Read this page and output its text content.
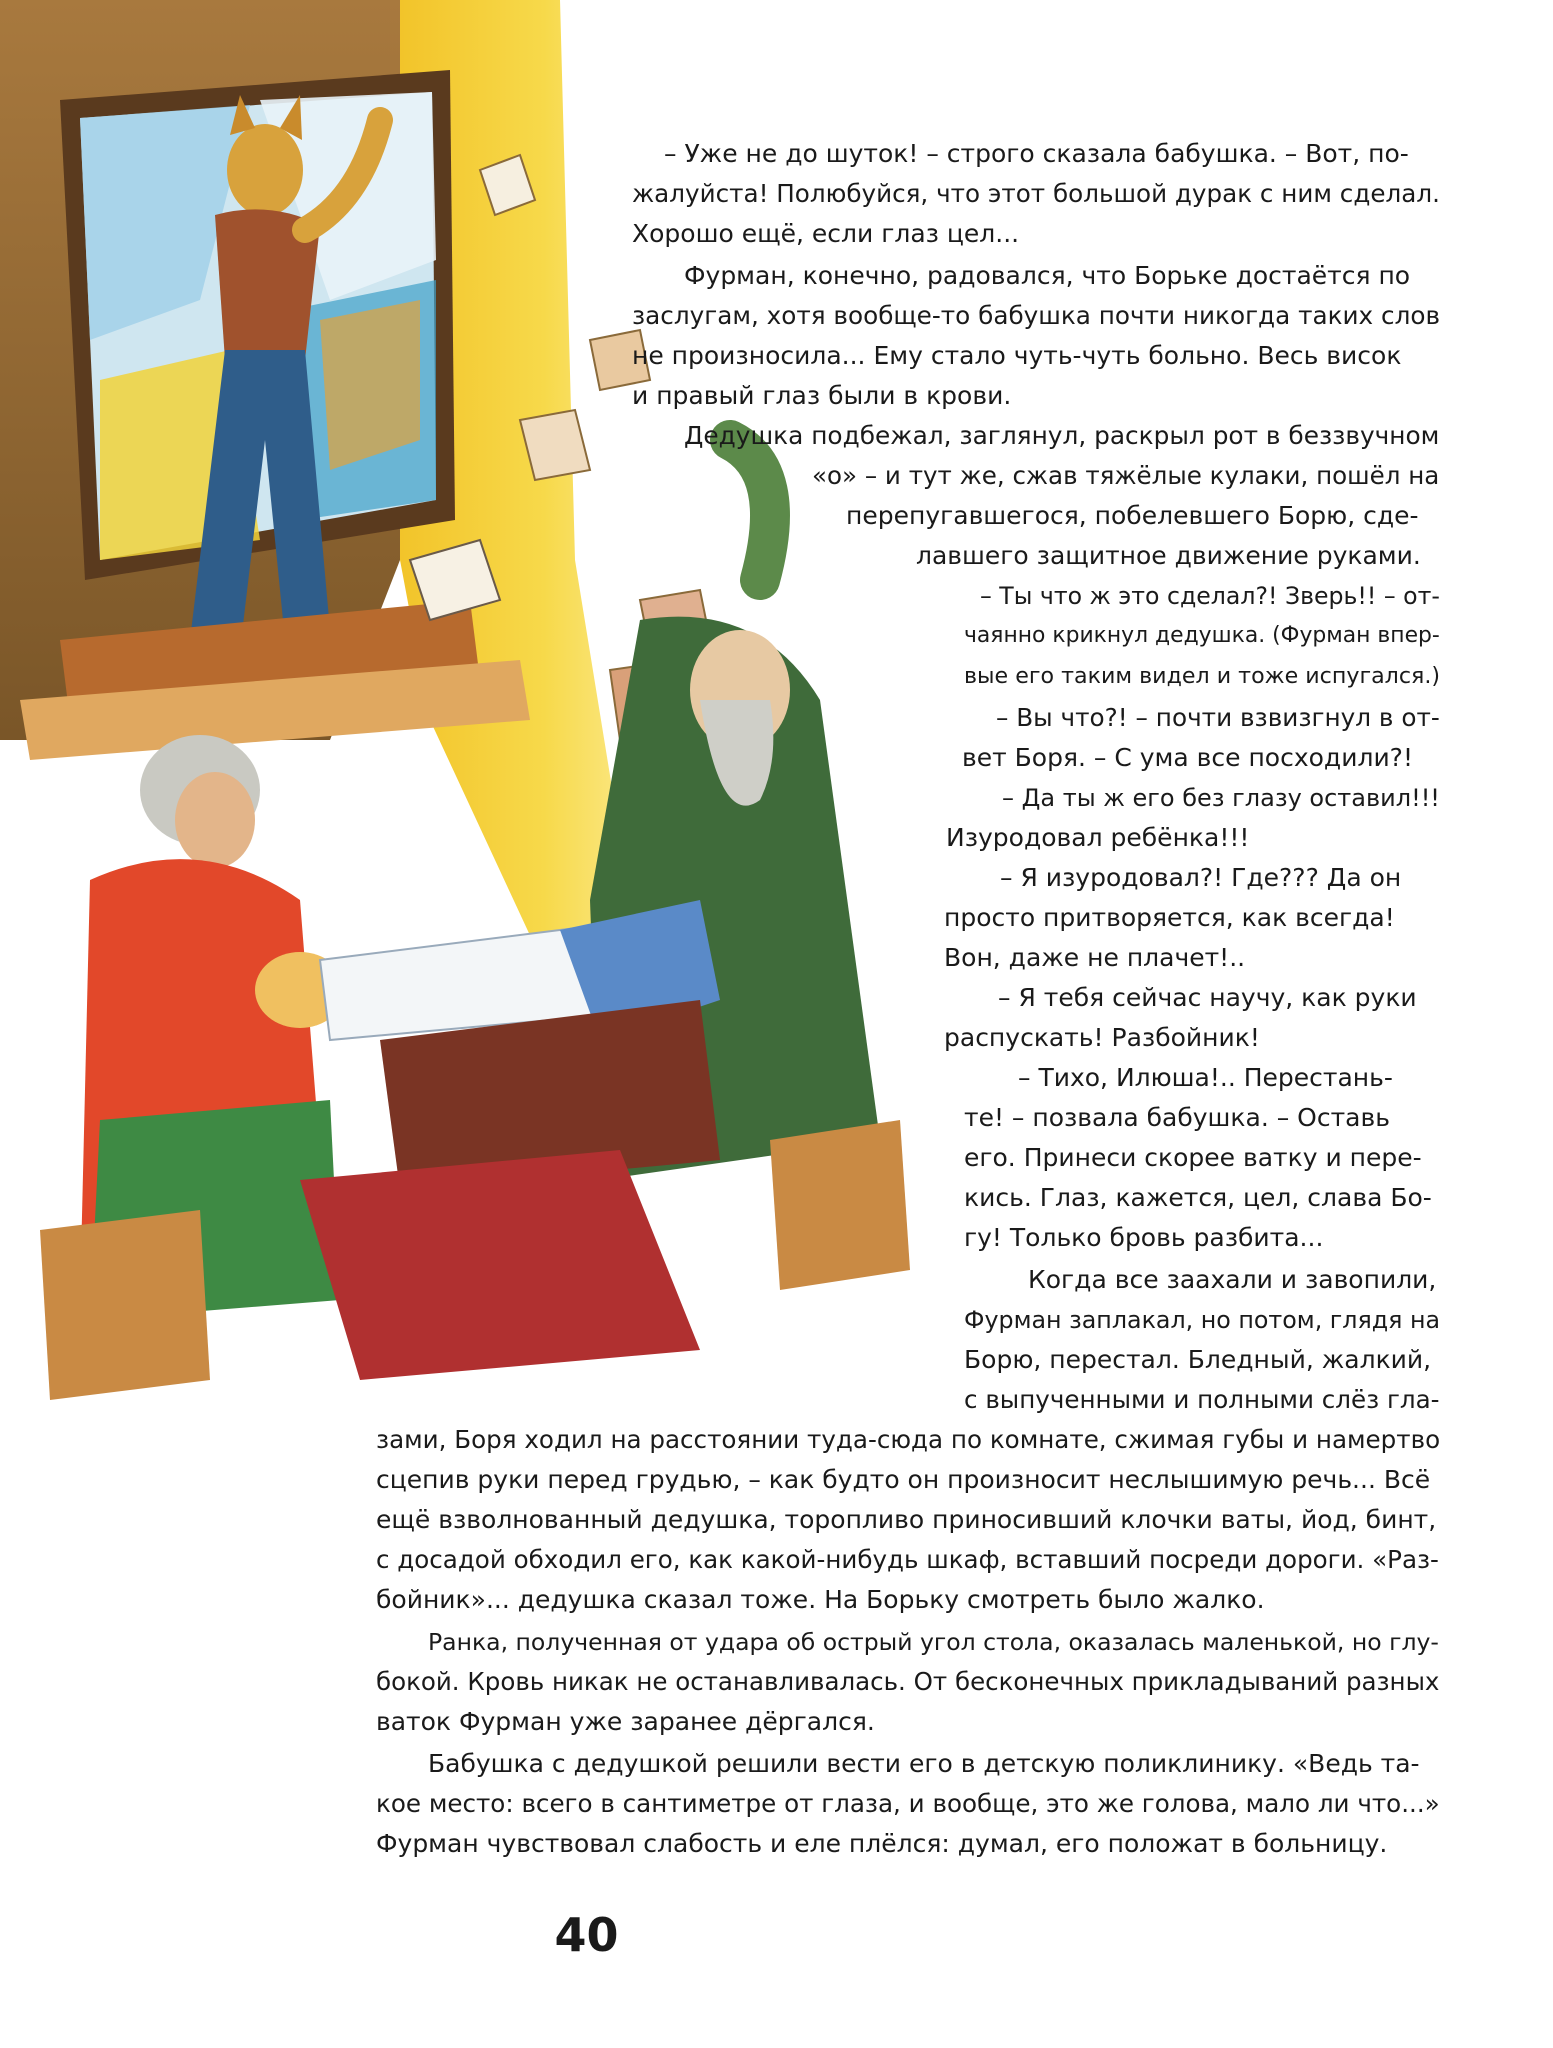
– Уже не до шуток! – строго сказала бабушка. – Вот, по-

жалуйста! Полюбуйся, что этот большой дурак с ним сделал.

Хорошо ещё, если глаз цел...

Фурман, конечно, радовался, что Борьке достаётся по

заслугам, хотя вообще-то бабушка почти никогда таких слов

не произносила... Ему стало чуть-чуть больно. Весь висок

и правый глаз были в крови.

Дедушка подбежал, заглянул, раскрыл рот в беззвучном

«о» – и тут же, сжав тяжёлые кулаки, пошёл на

перепугавшегося, побелевшего Борю, сде-

лавшего защитное движение руками.

– Ты что ж это сделал?! Зверь!! – от-

чаянно крикнул дедушка. (Фурман впер-

вые его таким видел и тоже испугался.)

– Вы что?! – почти взвизгнул в от-

вет Боря. – С ума все посходили?!

– Да ты ж его без глазу оставил!!!

Изуродовал ребёнка!!!

– Я изуродовал?! Где??? Да он

просто притворяется, как всегда!

Вон, даже не плачет!..

– Я тебя сейчас научу, как руки

распускать! Разбойник!

– Тихо, Илюша!.. Перестань-

те! – позвала бабушка. – Оставь

его. Принеси скорее ватку и пере-

кись. Глаз, кажется, цел, слава Бо-

гу! Только бровь разбита...

Когда все заахали и завопили,

Фурман заплакал, но потом, глядя на

Борю, перестал. Бледный, жалкий,

с выпученными и полными слёз гла-

зами, Боря ходил на расстоянии туда-сюда по комнате, сжимая губы и намертво

сцепив руки перед грудью, – как будто он произносит неслышимую речь... Всё

ещё взволнованный дедушка, торопливо приносивший клочки ваты, йод, бинт,

с досадой обходил его, как какой-нибудь шкаф, вставший посреди дороги. «Раз-

бойник»... дедушка сказал тоже. На Борьку смотреть было жалко.

Ранка, полученная от удара об острый угол стола, оказалась маленькой, но глу-

бокой. Кровь никак не останавливалась. От бесконечных прикладываний разных

ваток Фурман уже заранее дёргался.

Бабушка с дедушкой решили вести его в детскую поликлинику. «Ведь та-

кое место: всего в сантиметре от глаза, и вообще, это же голова, мало ли что...»

Фурман чувствовал слабость и еле плёлся: думал, его положат в больницу.

40
